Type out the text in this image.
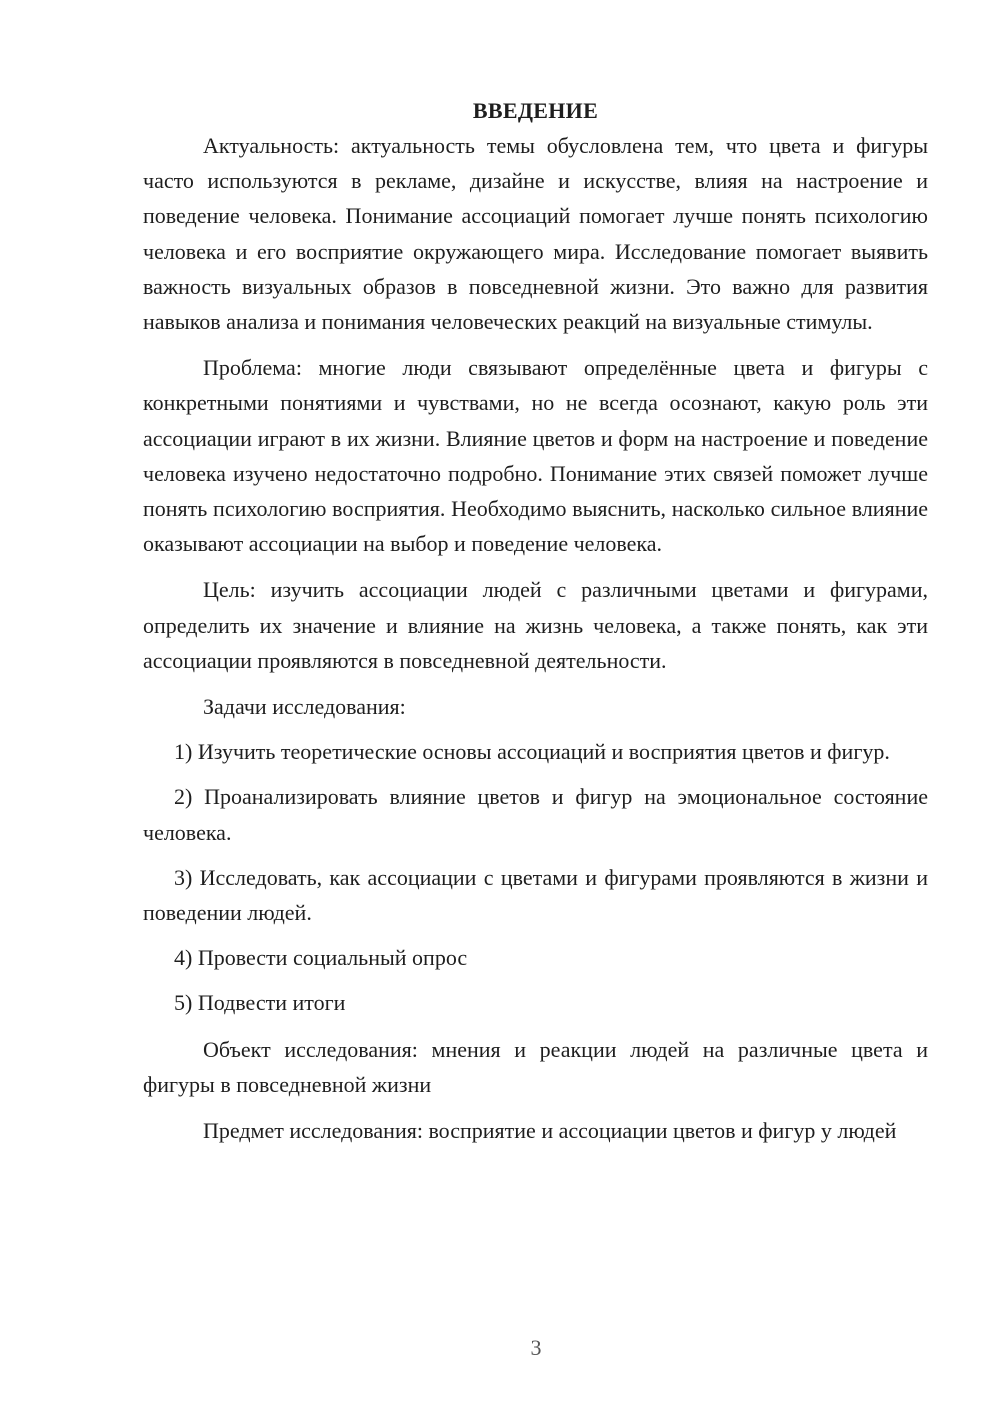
ВВЕДЕНИЕ

Актуальность: актуальность темы обусловлена тем, что цвета и фигуры часто используются в рекламе, дизайне и искусстве, влияя на настроение и поведение человека. Понимание ассоциаций помогает лучше понять психологию человека и его восприятие окружающего мира. Исследование помогает выявить важность визуальных образов в повседневной жизни. Это важно для развития навыков анализа и понимания человеческих реакций на визуальные стимулы.

Проблема: многие люди связывают определённые цвета и фигуры с конкретными понятиями и чувствами, но не всегда осознают, какую роль эти ассоциации играют в их жизни. Влияние цветов и форм на настроение и поведение человека изучено недостаточно подробно. Понимание этих связей поможет лучше понять психологию восприятия. Необходимо выяснить, насколько сильное влияние оказывают ассоциации на выбор и поведение человека.

Цель: изучить ассоциации людей с различными цветами и фигурами, определить их значение и влияние на жизнь человека, а также понять, как эти ассоциации проявляются в повседневной деятельности.

Задачи исследования:

1) Изучить теоретические основы ассоциаций и восприятия цветов и фигур.

2) Проанализировать влияние цветов и фигур на эмоциональное состояние человека.

3) Исследовать, как ассоциации с цветами и фигурами проявляются в жизни и поведении людей.

4) Провести социальный опрос

5) Подвести итоги

Объект исследования: мнения и реакции людей на различные цвета и фигуры в повседневной жизни

Предмет исследования: восприятие и ассоциации цветов и фигур у людей

3
